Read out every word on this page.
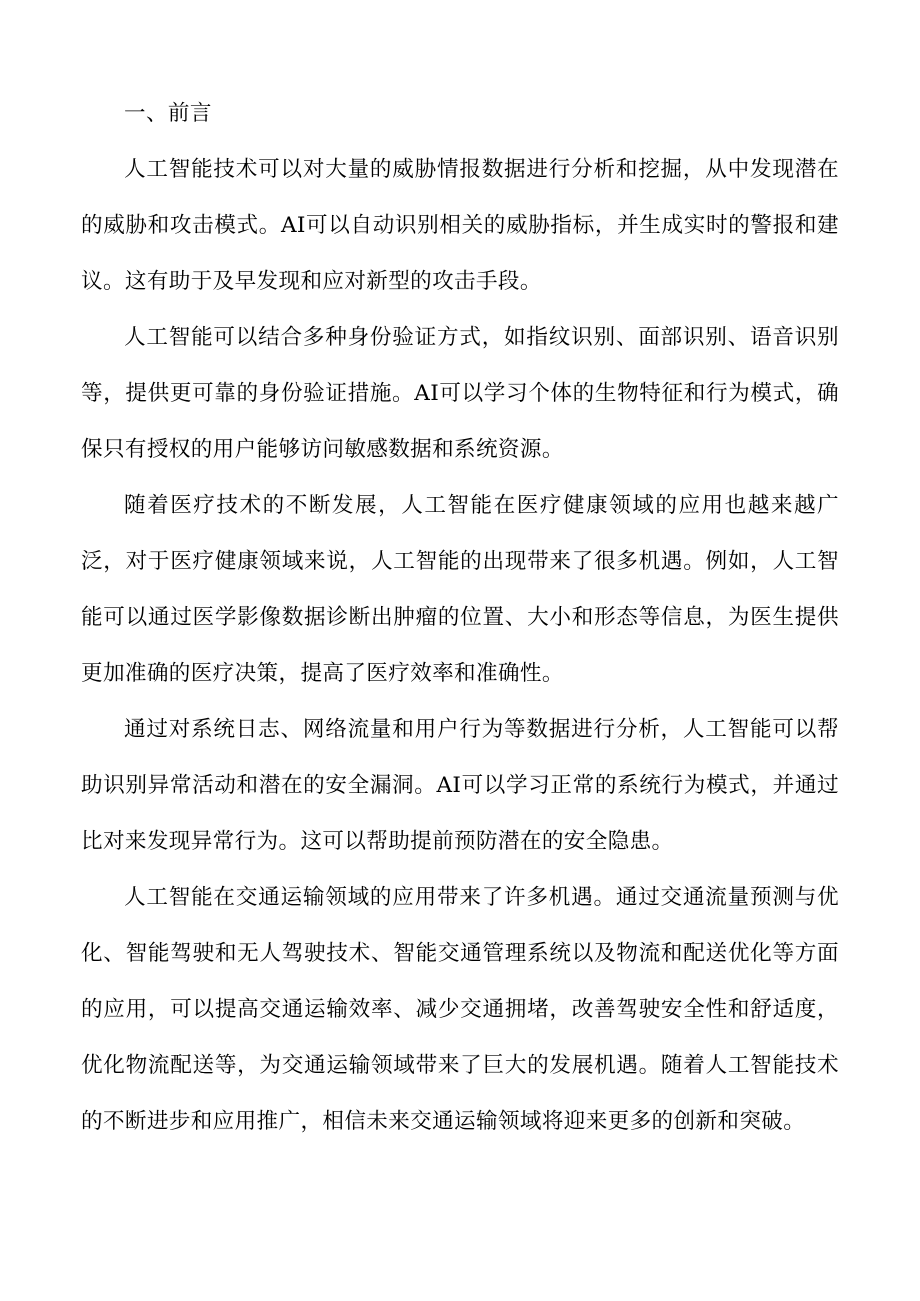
一、前言

人工智能技术可以对大量的威胁情报数据进行分析和挖掘，从中发现潜在的威胁和攻击模式。AI可以自动识别相关的威胁指标，并生成实时的警报和建议。这有助于及早发现和应对新型的攻击手段。

人工智能可以结合多种身份验证方式，如指纹识别、面部识别、语音识别等，提供更可靠的身份验证措施。AI可以学习个体的生物特征和行为模式，确保只有授权的用户能够访问敏感数据和系统资源。

随着医疗技术的不断发展，人工智能在医疗健康领域的应用也越来越广泛，对于医疗健康领域来说，人工智能的出现带来了很多机遇。例如，人工智能可以通过医学影像数据诊断出肿瘤的位置、大小和形态等信息，为医生提供更加准确的医疗决策，提高了医疗效率和准确性。

通过对系统日志、网络流量和用户行为等数据进行分析，人工智能可以帮助识别异常活动和潜在的安全漏洞。AI可以学习正常的系统行为模式，并通过比对来发现异常行为。这可以帮助提前预防潜在的安全隐患。

人工智能在交通运输领域的应用带来了许多机遇。通过交通流量预测与优化、智能驾驶和无人驾驶技术、智能交通管理系统以及物流和配送优化等方面的应用，可以提高交通运输效率、减少交通拥堵，改善驾驶安全性和舒适度，优化物流配送等，为交通运输领域带来了巨大的发展机遇。随着人工智能技术的不断进步和应用推广，相信未来交通运输领域将迎来更多的创新和突破。
